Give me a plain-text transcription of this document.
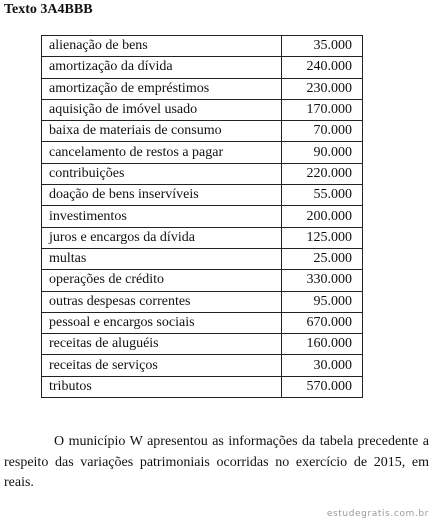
Texto 3A4BBB
alienação de bens	35.000
amortização da dívida	240.000
amortização de empréstimos	230.000
aquisição de imóvel usado	170.000
baixa de materiais de consumo	70.000
cancelamento de restos a pagar	90.000
contribuições	220.000
doação de bens inservíveis	55.000
investimentos	200.000
juros e encargos da dívida	125.000
multas	25.000
operações de crédito	330.000
outras despesas correntes	95.000
pessoal e encargos sociais	670.000
receitas de aluguéis	160.000
receitas de serviços	30.000
tributos	570.000

O município W apresentou as informações da tabela precedente a respeito das variações patrimoniais ocorridas no exercício de 2015, em reais.

estudegratis.com.br
